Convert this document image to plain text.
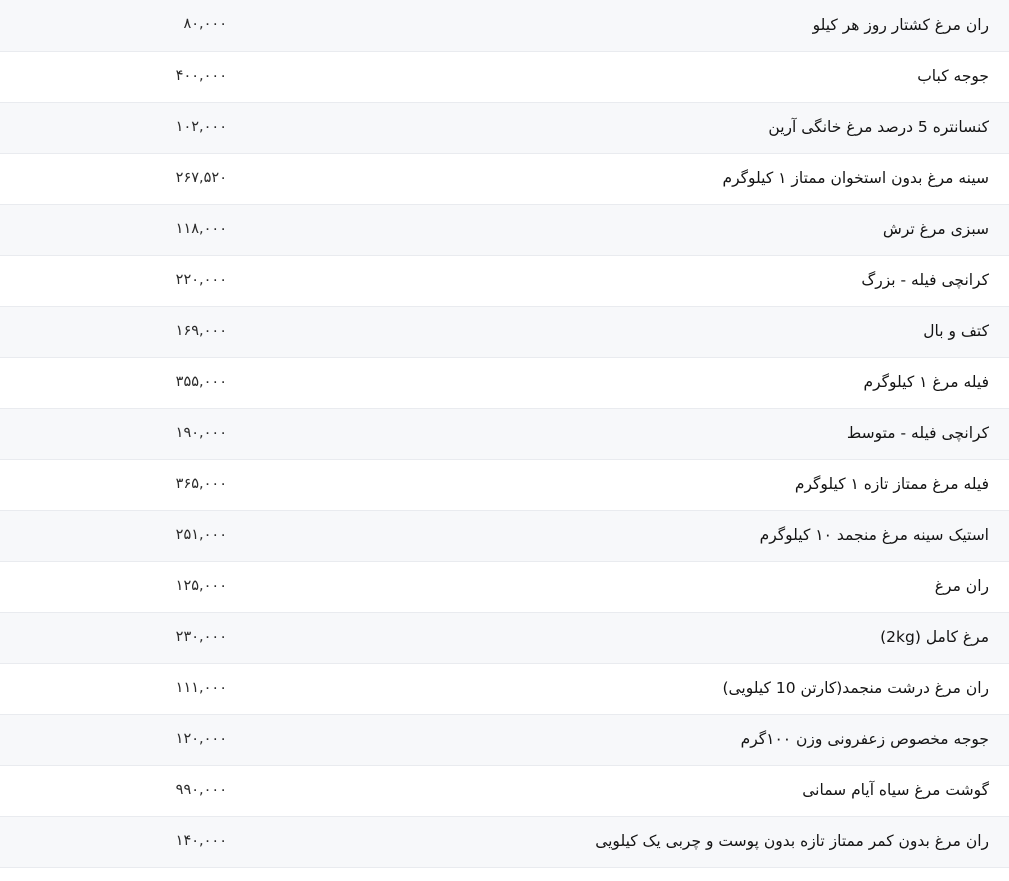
ران مرغ کشتار روز هر کیلو	۸۰,۰۰۰
جوجه کباب	۴۰۰,۰۰۰
کنسانتره 5 درصد مرغ خانگی آرین	۱۰۲,۰۰۰
سینه مرغ بدون استخوان ممتاز ۱ کیلوگرم	۲۶۷,۵۲۰
سبزی مرغ ترش	۱۱۸,۰۰۰
کرانچی فیله - بزرگ	۲۲۰,۰۰۰
کتف و بال	۱۶۹,۰۰۰
فیله مرغ ۱ کیلوگرم	۳۵۵,۰۰۰
کرانچی فیله - متوسط	۱۹۰,۰۰۰
فیله مرغ ممتاز تازه ۱ کیلوگرم	۳۶۵,۰۰۰
استیک سینه مرغ منجمد ۱۰ کیلوگرم	۲۵۱,۰۰۰
ران مرغ	۱۲۵,۰۰۰
مرغ کامل (2kg)	۲۳۰,۰۰۰
ران مرغ درشت منجمد(کارتن 10 کیلویی)	۱۱۱,۰۰۰
جوجه مخصوص زعفرونی وزن ۱۰۰گرم	۱۲۰,۰۰۰
گوشت مرغ سیاه آیام سمانی	۹۹۰,۰۰۰
ران مرغ بدون کمر ممتاز تازه بدون پوست و چربی یک کیلویی	۱۴۰,۰۰۰
